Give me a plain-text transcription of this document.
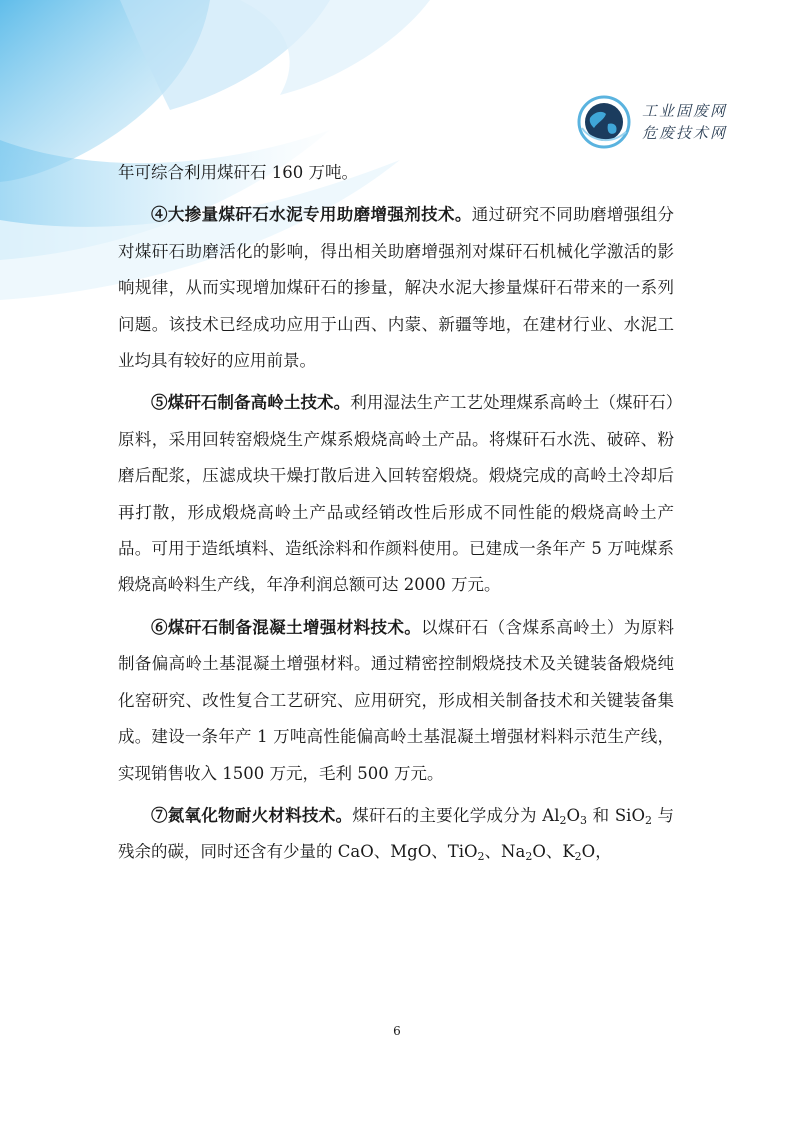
工业固废网
危废技术网

年可综合利用煤矸石 160 万吨。

④大掺量煤矸石水泥专用助磨增强剂技术。通过研究不同助磨增强组分对煤矸石助磨活化的影响，得出相关助磨增强剂对煤矸石机械化学激活的影响规律，从而实现增加煤矸石的掺量，解决水泥大掺量煤矸石带来的一系列问题。该技术已经成功应用于山西、内蒙、新疆等地，在建材行业、水泥工业均具有较好的应用前景。

⑤煤矸石制备高岭土技术。利用湿法生产工艺处理煤系高岭土（煤矸石）原料，采用回转窑煅烧生产煤系煅烧高岭土产品。将煤矸石水洗、破碎、粉磨后配浆，压滤成块干燥打散后进入回转窑煅烧。煅烧完成的高岭土冷却后再打散，形成煅烧高岭土产品或经销改性后形成不同性能的煅烧高岭土产品。可用于造纸填料、造纸涂料和作颜料使用。已建成一条年产 5 万吨煤系煅烧高岭料生产线，年净利润总额可达 2000 万元。

⑥煤矸石制备混凝土增强材料技术。以煤矸石（含煤系高岭土）为原料制备偏高岭土基混凝土增强材料。通过精密控制煅烧技术及关键装备煅烧纯化窑研究、改性复合工艺研究、应用研究，形成相关制备技术和关键装备集成。建设一条年产 1 万吨高性能偏高岭土基混凝土增强材料料示范生产线，实现销售收入 1500 万元，毛利 500 万元。

⑦氮氧化物耐火材料技术。煤矸石的主要化学成分为 $Al_2O_3$ 和 SiO$_2$ 与残余的碳，同时还含有少量的 CaO、MgO、TiO$_2$、$Na_2O$、$K_2O$，

6
